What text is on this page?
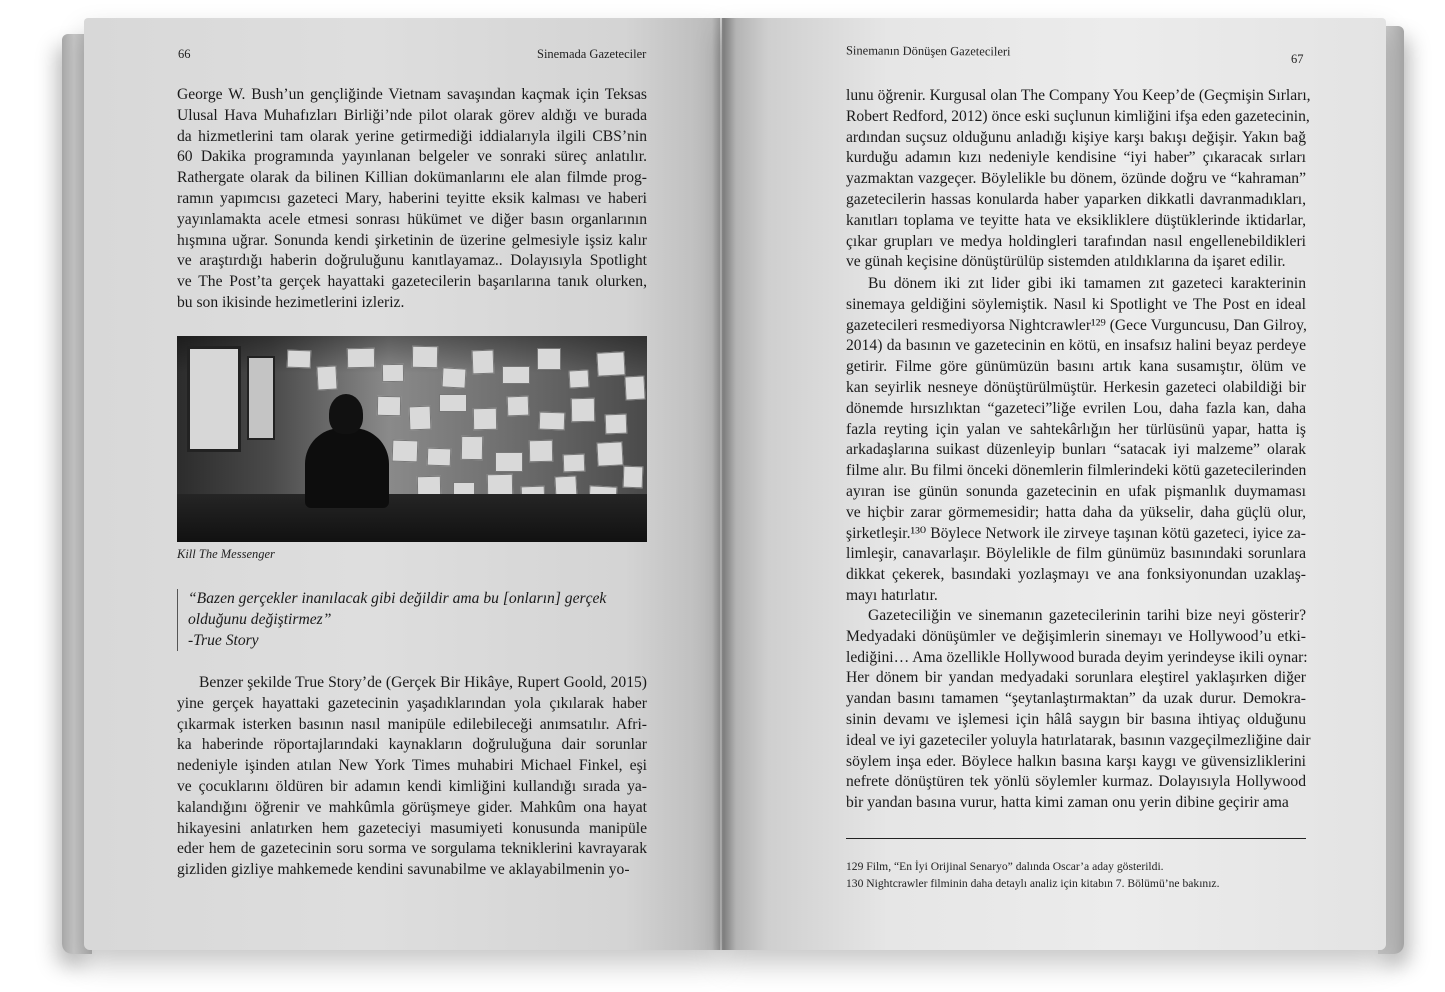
66	Sinemada Gazeteciler
George W. Bush’un gençliğinde Vietnam savaşından kaçmak için Teksas
Ulusal Hava Muhafızları Birliği’nde pilot olarak görev aldığı ve burada
da hizmetlerini tam olarak yerine getirmediği iddialarıyla ilgili CBS’nin
60 Dakika programında yayınlanan belgeler ve sonraki süreç anlatılır.
Rathergate olarak da bilinen Killian dokümanlarını ele alan filmde prog-
ramın yapımcısı gazeteci Mary, haberini teyitte eksik kalması ve haberi
yayınlamakta acele etmesi sonrası hükümet ve diğer basın organlarının
hışmına uğrar. Sonunda kendi şirketinin de üzerine gelmesiyle işsiz kalır
ve araştırdığı haberin doğruluğunu kanıtlayamaz.. Dolayısıyla Spotlight
ve The Post’ta gerçek hayattaki gazetecilerin başarılarına tanık olurken,
bu son ikisinde hezimetlerini izleriz.
Kill The Messenger
“Bazen gerçekler inanılacak gibi değildir ama bu [onların] gerçek
olduğunu değiştirmez”
-True Story
Benzer şekilde True Story’de (Gerçek Bir Hikâye, Rupert Goold, 2015)
yine gerçek hayattaki gazetecinin yaşadıklarından yola çıkılarak haber
çıkarmak isterken basının nasıl manipüle edilebileceği anımsatılır. Afri-
ka haberinde röportajlarındaki kaynakların doğruluğuna dair sorunlar
nedeniyle işinden atılan New York Times muhabiri Michael Finkel, eşi
ve çocuklarını öldüren bir adamın kendi kimliğini kullandığı sırada ya-
kalandığını öğrenir ve mahkûmla görüşmeye gider. Mahkûm ona hayat
hikayesini anlatırken hem gazeteciyi masumiyeti konusunda manipüle
eder hem de gazetecinin soru sorma ve sorgulama tekniklerini kavrayarak
gizliden gizliye mahkemede kendini savunabilme ve aklayabilmenin yo-
Sinemanın Dönüşen Gazetecileri
67
lunu öğrenir. Kurgusal olan The Company You Keep’de (Geçmişin Sırları,
Robert Redford, 2012) önce eski suçlunun kimliğini ifşa eden gazetecinin,
ardından suçsuz olduğunu anladığı kişiye karşı bakışı değişir. Yakın bağ
kurduğu adamın kızı nedeniyle kendisine “iyi haber” çıkaracak sırları
yazmaktan vazgeçer. Böylelikle bu dönem, özünde doğru ve “kahraman”
gazetecilerin hassas konularda haber yaparken dikkatli davranmadıkları,
kanıtları toplama ve teyitte hata ve eksikliklere düştüklerinde iktidarlar,
çıkar grupları ve medya holdingleri tarafından nasıl engellenebildikleri
ve günah keçisine dönüştürülüp sistemden atıldıklarına da işaret edilir.
Bu dönem iki zıt lider gibi iki tamamen zıt gazeteci karakterinin
sinemaya geldiğini söylemiştik. Nasıl ki Spotlight ve The Post en ideal
gazetecileri resmediyorsa Nightcrawler¹²⁹ (Gece Vurguncusu, Dan Gilroy,
2014) da basının ve gazetecinin en kötü, en insafsız halini beyaz perdeye
getirir. Filme göre günümüzün basını artık kana susamıştır, ölüm ve
kan seyirlik nesneye dönüştürülmüştür. Herkesin gazeteci olabildiği bir
dönemde hırsızlıktan “gazeteci”liğe evrilen Lou, daha fazla kan, daha
fazla reyting için yalan ve sahtekârlığın her türlüsünü yapar, hatta iş
arkadaşlarına suikast düzenleyip bunları “satacak iyi malzeme” olarak
filme alır. Bu filmi önceki dönemlerin filmlerindeki kötü gazetecilerinden
ayıran ise günün sonunda gazetecinin en ufak pişmanlık duymaması
ve hiçbir zarar görmemesidir; hatta daha da yükselir, daha güçlü olur,
şirketleşir.¹³⁰ Böylece Network ile zirveye taşınan kötü gazeteci, iyice za-
limleşir, canavarlaşır. Böylelikle de film günümüz basınındaki sorunlara
dikkat çekerek, basındaki yozlaşmayı ve ana fonksiyonundan uzaklaş-
mayı hatırlatır.
Gazeteciliğin ve sinemanın gazetecilerinin tarihi bize neyi gösterir?
Medyadaki dönüşümler ve değişimlerin sinemayı ve Hollywood’u etki-
lediğini… Ama özellikle Hollywood burada deyim yerindeyse ikili oynar:
Her dönem bir yandan medyadaki sorunlara eleştirel yaklaşırken diğer
yandan basını tamamen “şeytanlaştırmaktan” da uzak durur. Demokra-
sinin devamı ve işlemesi için hâlâ saygın bir basına ihtiyaç olduğunu
ideal ve iyi gazeteciler yoluyla hatırlatarak, basının vazgeçilmezliğine dair
söylem inşa eder. Böylece halkın basına karşı kaygı ve güvensizliklerini
nefrete dönüştüren tek yönlü söylemler kurmaz. Dolayısıyla Hollywood
bir yandan basına vurur, hatta kimi zaman onu yerin dibine geçirir ama
129 Film, “En İyi Orijinal Senaryo” dalında Oscar’a aday gösterildi.
130 Nightcrawler filminin daha detaylı analiz için kitabın 7. Bölümü’ne bakınız.
